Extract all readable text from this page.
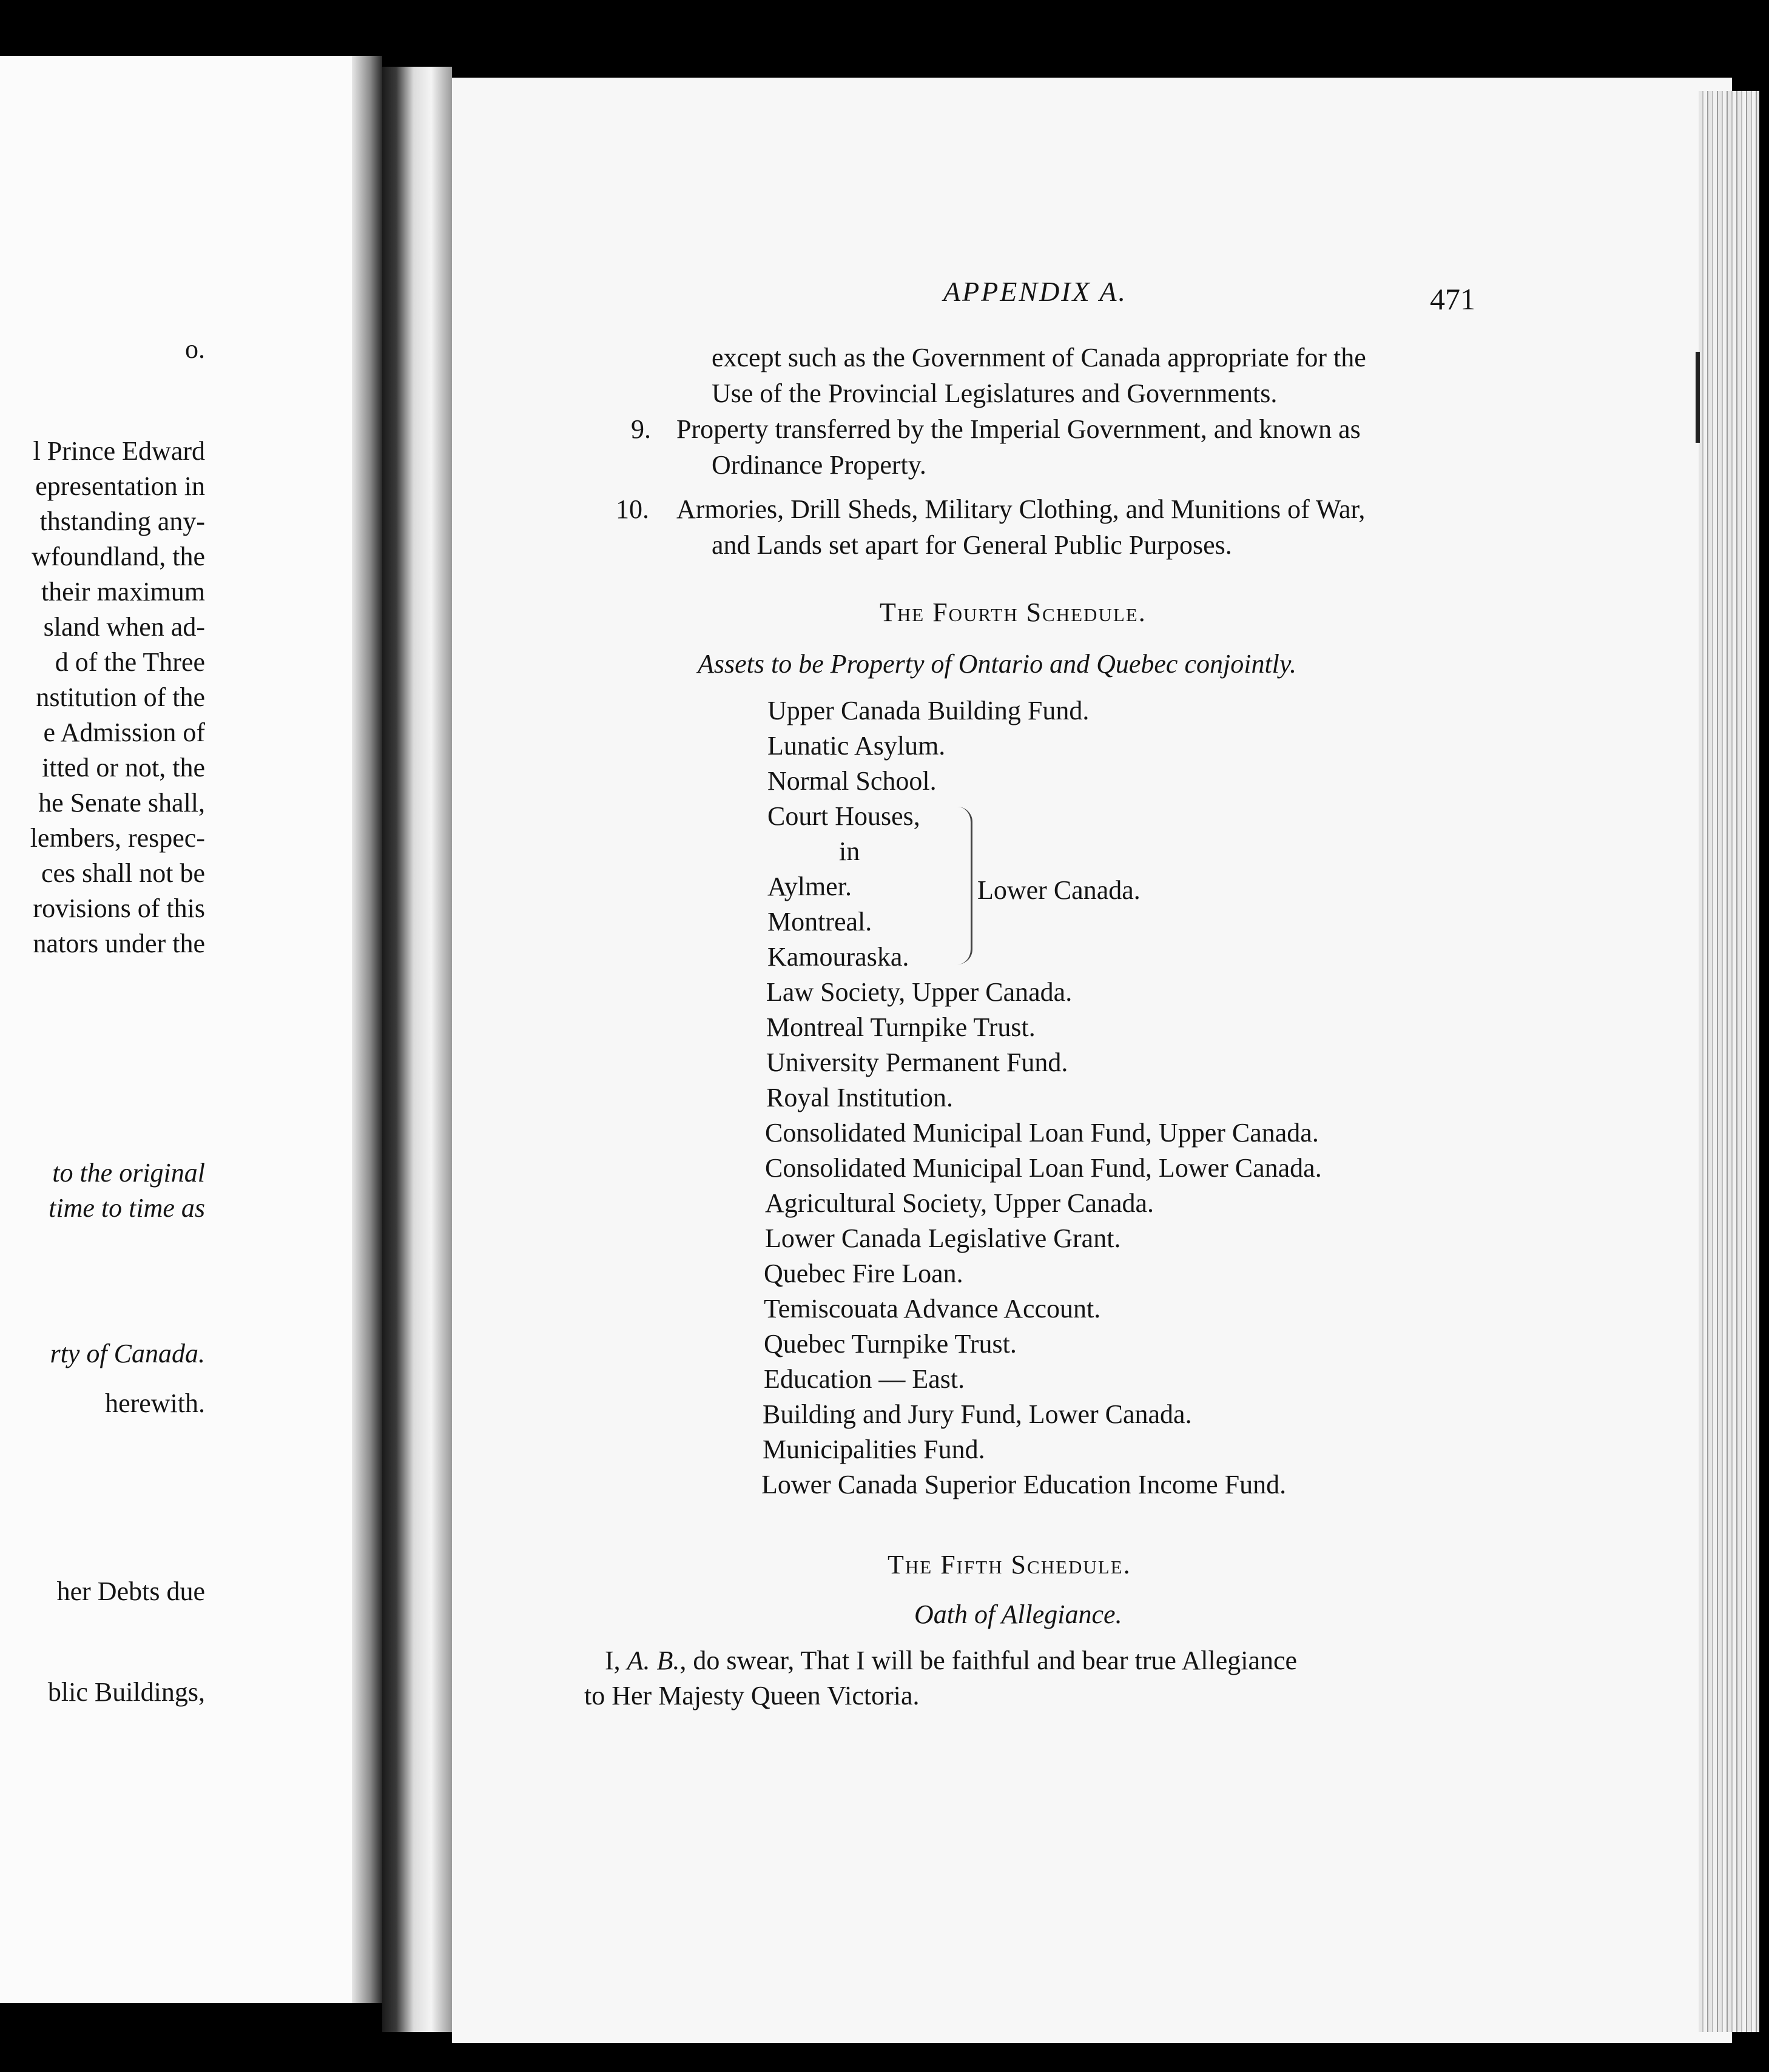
o.
l Prince Edward
epresentation in
thstanding any-
wfoundland, the
their maximum
sland when ad-
d of the Three
nstitution of the
e Admission of
itted or not, the
he Senate shall,
lembers, respec-
ces shall not be
rovisions of this
nators under the
to the original
time to time as
rty of Canada.
herewith.
her Debts due
blic Buildings,
APPENDIX A.	471
except such as the Government of Canada appropriate for the
Use of the Provincial Legislatures and Governments.
9. Property transferred by the Imperial Government, and known as
Ordinance Property.
10. Armories, Drill Sheds, Military Clothing, and Munitions of War,
and Lands set apart for General Public Purposes.
The Fourth Schedule.
Assets to be Property of Ontario and Quebec conjointly.
Upper Canada Building Fund.
Lunatic Asylum.
Normal School.
Court Houses,
in
Aylmer.
Montreal.
Kamouraska.
Lower Canada.
Law Society, Upper Canada.
Montreal Turnpike Trust.
University Permanent Fund.
Royal Institution.
Consolidated Municipal Loan Fund, Upper Canada.
Consolidated Municipal Loan Fund, Lower Canada.
Agricultural Society, Upper Canada.
Lower Canada Legislative Grant.
Quebec Fire Loan.
Temiscouata Advance Account.
Quebec Turnpike Trust.
Education — East.
Building and Jury Fund, Lower Canada.
Municipalities Fund.
Lower Canada Superior Education Income Fund.
The Fifth Schedule.
Oath of Allegiance.
I, A. B., do swear, That I will be faithful and bear true Allegiance
to Her Majesty Queen Victoria.
